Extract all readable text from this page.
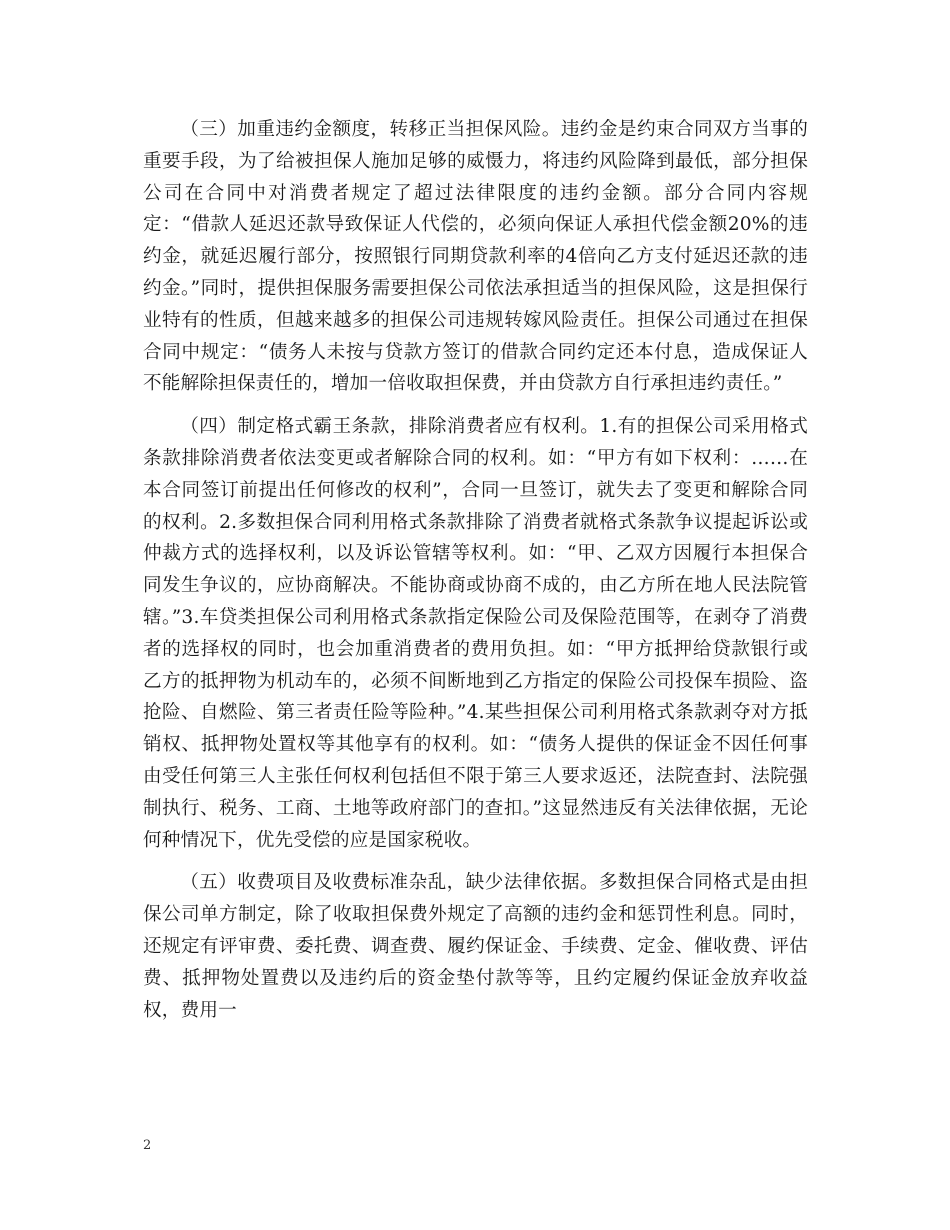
（三）加重违约金额度，转移正当担保风险。违约金是约束合同双方当事的重要手段，为了给被担保人施加足够的威慑力，将违约风险降到最低，部分担保公司在合同中对消费者规定了超过法律限度的违约金额。部分合同内容规定：“借款人延迟还款导致保证人代偿的，必须向保证人承担代偿金额20%的违约金，就延迟履行部分，按照银行同期贷款利率的4倍向乙方支付延迟还款的违约金。”同时，提供担保服务需要担保公司依法承担适当的担保风险，这是担保行业特有的性质，但越来越多的担保公司违规转嫁风险责任。担保公司通过在担保合同中规定：“债务人未按与贷款方签订的借款合同约定还本付息，造成保证人不能解除担保责任的，增加一倍收取担保费，并由贷款方自行承担违约责任。”

（四）制定格式霸王条款，排除消费者应有权利。1.有的担保公司采用格式条款排除消费者依法变更或者解除合同的权利。如：“甲方有如下权利：……在本合同签订前提出任何修改的权利”，合同一旦签订，就失去了变更和解除合同的权利。2.多数担保合同利用格式条款排除了消费者就格式条款争议提起诉讼或仲裁方式的选择权利，以及诉讼管辖等权利。如：“甲、乙双方因履行本担保合同发生争议的，应协商解决。不能协商或协商不成的，由乙方所在地人民法院管辖。”3.车贷类担保公司利用格式条款指定保险公司及保险范围等，在剥夺了消费者的选择权的同时，也会加重消费者的费用负担。如：“甲方抵押给贷款银行或乙方的抵押物为机动车的，必须不间断地到乙方指定的保险公司投保车损险、盗抢险、自燃险、第三者责任险等险种。”4.某些担保公司利用格式条款剥夺对方抵销权、抵押物处置权等其他享有的权利。如：“债务人提供的保证金不因任何事由受任何第三人主张任何权利包括但不限于第三人要求返还，法院查封、法院强制执行、税务、工商、土地等政府部门的查扣。”这显然违反有关法律依据，无论何种情况下，优先受偿的应是国家税收。

（五）收费项目及收费标准杂乱，缺少法律依据。多数担保合同格式是由担保公司单方制定，除了收取担保费外规定了高额的违约金和惩罚性利息。同时，还规定有评审费、委托费、调查费、履约保证金、手续费、定金、催收费、评估费、抵押物处置费以及违约后的资金垫付款等等，且约定履约保证金放弃收益权，费用一

2
